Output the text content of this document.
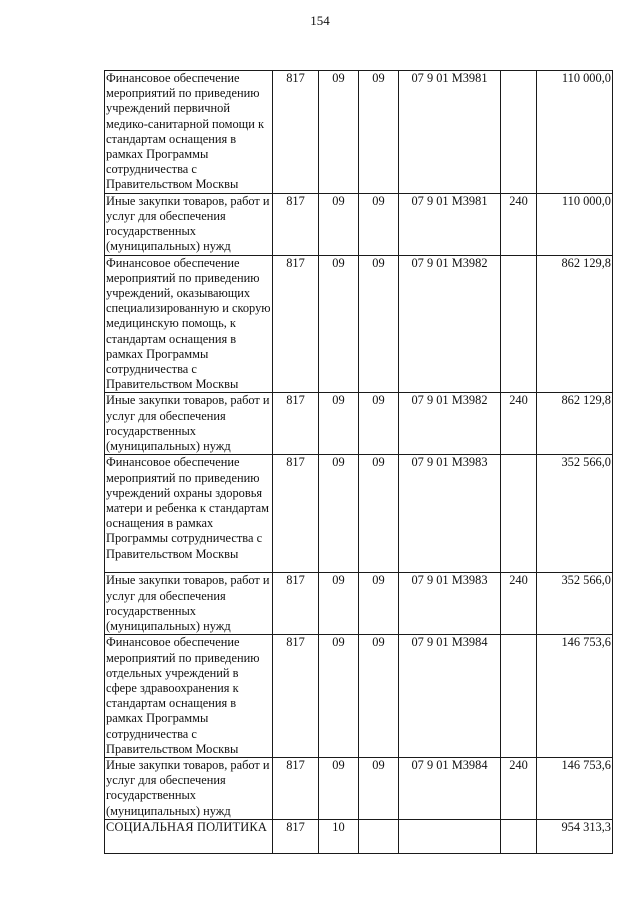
154
Финансовое обеспечение мероприятий по приведению учреждений первичной медико-санитарной помощи к стандартам оснащения в рамках Программы сотрудничества с Правительством Москвы	817	09	09	07 9 01 М3981		110 000,0
Иные закупки товаров, работ и услуг для обеспечения государственных (муниципальных) нужд	817	09	09	07 9 01 М3981	240	110 000,0
Финансовое обеспечение мероприятий по приведению учреждений, оказывающих специализированную и скорую медицинскую помощь, к стандартам оснащения в рамках Программы сотрудничества с Правительством Москвы	817	09	09	07 9 01 М3982		862 129,8
Иные закупки товаров, работ и услуг для обеспечения государственных (муниципальных) нужд	817	09	09	07 9 01 М3982	240	862 129,8
Финансовое обеспечение мероприятий по приведению учреждений охраны здоровья матери и ребенка к стандартам оснащения в рамках Программы сотрудничества с Правительством Москвы	817	09	09	07 9 01 М3983		352 566,0
Иные закупки товаров, работ и услуг для обеспечения государственных (муниципальных) нужд	817	09	09	07 9 01 М3983	240	352 566,0
Финансовое обеспечение мероприятий по приведению отдельных учреждений в сфере здравоохранения к стандартам оснащения в рамках Программы сотрудничества с Правительством Москвы	817	09	09	07 9 01 М3984		146 753,6
Иные закупки товаров, работ и услуг для обеспечения государственных (муниципальных) нужд	817	09	09	07 9 01 М3984	240	146 753,6
СОЦИАЛЬНАЯ ПОЛИТИКА	817	10				954 313,3
